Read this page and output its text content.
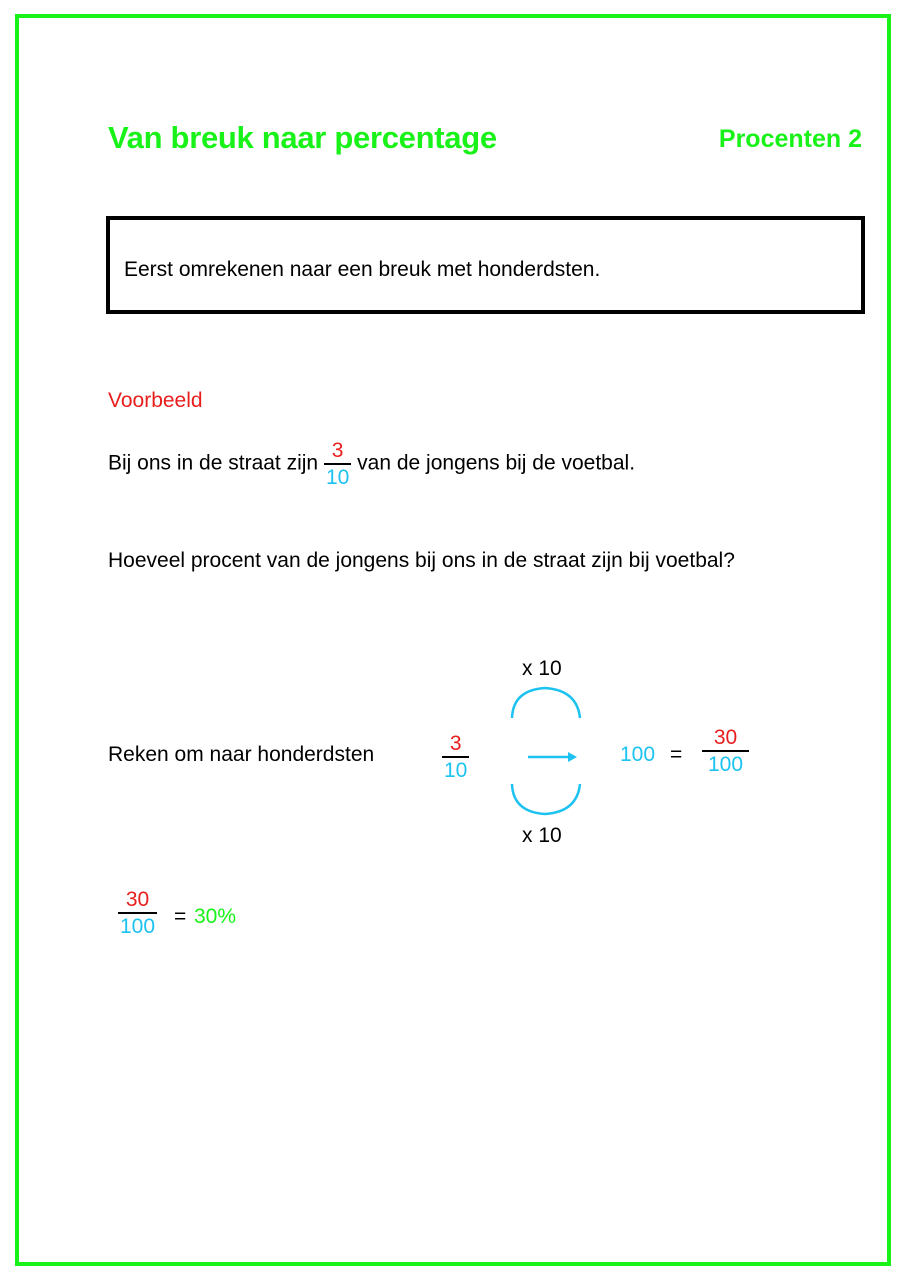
Van breuk naar percentage	Procenten 2
Eerst omrekenen naar een breuk met honderdsten.
Voorbeeld
Bij ons in de straat zijn $\frac{3}{10}$ van de jongens bij de voetbal.
Hoeveel procent van de jongens bij ons in de straat zijn bij voetbal?
Reken om naar honderdsten	$\frac{3}{10}$
x 10
x 10
$100 = \frac{30}{100}$
$\frac{30}{100} = 30\%$
